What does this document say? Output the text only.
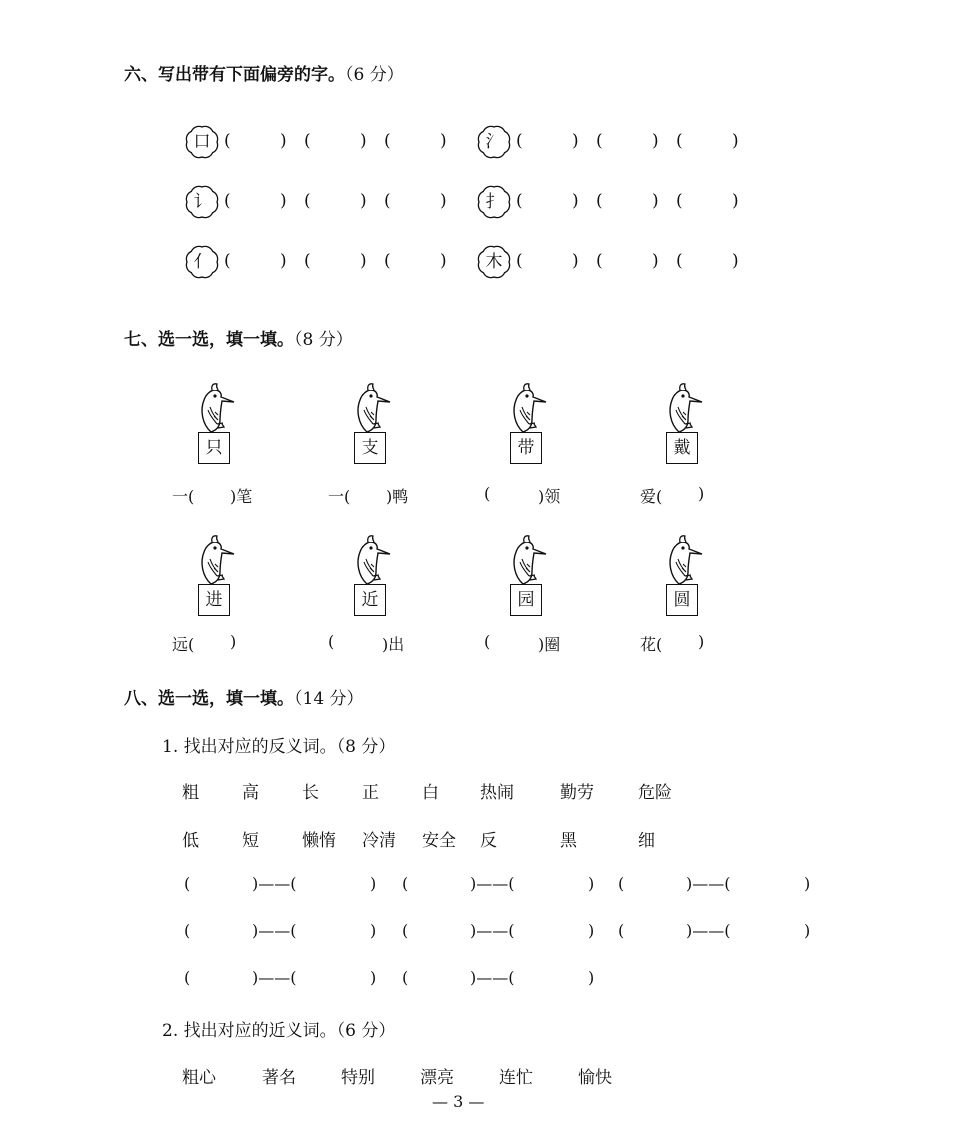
六、写出带有下面偏旁的字。（6 分）
口 (	) (	) (	)	氵 (	) (	) (	)
讠 (	) (	) (	)	扌 (	) (	) (	)
亻 (	) (	) (	)	木 (	) (	) (	)
七、选一选，填一填。（8 分）
只
一( )笔
支
一( )鸭
带
(	)领
戴
爱( )
进
远( )
近
(	)出
园
(	)圈
圆
花( )
八、选一选，填一填。（14 分）
1. 找出对应的反义词。（8 分）
粗	高	长	正	白 热闹	勤劳	危险
低	短	懒惰 冷清 安全 反	黑	细
(	)——(	) (	)——(	) (	)——(	)
(	)——(	) (	)——(	) (	)——(	)
(	)——(	) (	)——(	)
2. 找出对应的近义词。（6 分）
粗心	著名	特别	漂亮	连忙	愉快
— 3 —
